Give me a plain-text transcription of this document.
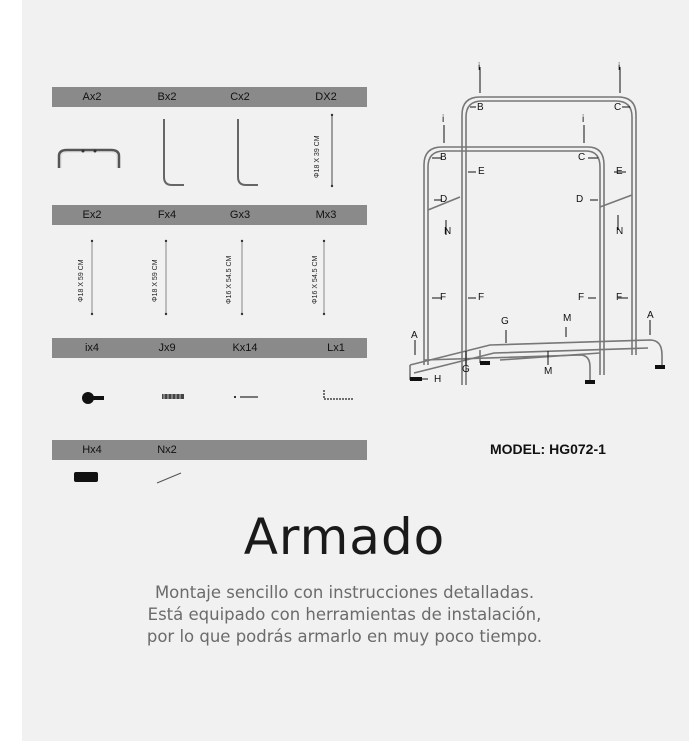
Ax2	Bx2	Cx2	DX2
Ex2	Fx4	Gx3	Mx3
ix4	Jx9	Kx14	Lx1
Hx4	Nx2
Φ18 X 39 CM
Φ18 X 59 CM	Φ18 X 59 CM	Φ16 X 54.5 CM	Φ16 X 54.5 CM
i	i
i	i
B	C
B	C
E	E
D	D
N	N
F	F	F	F
A
A
G
G
M
M
H
MODEL: HG072-1
Armado
Montaje sencillo con instrucciones detalladas.
Está equipado con herramientas de instalación,
por lo que podrás armarlo en muy poco tiempo.
